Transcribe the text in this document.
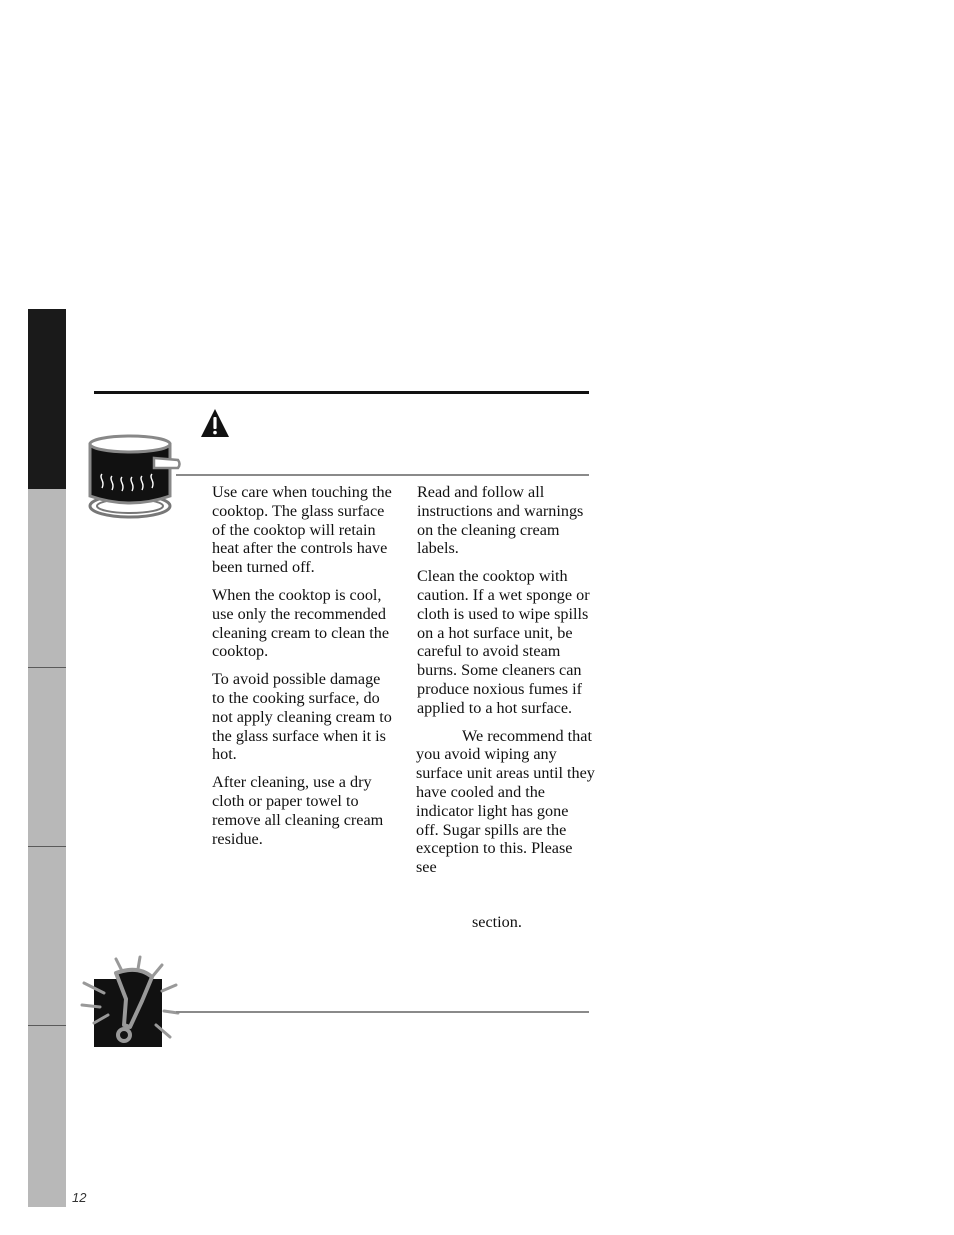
Use care when touching the cooktop. The glass surface of the cooktop will retain heat after the controls have been turned off.

When the cooktop is cool, use only the recommended cleaning cream to clean the cooktop.

To avoid possible damage to the cooking surface, do not apply cleaning cream to the glass surface when it is hot.

After cleaning, use a dry cloth or paper towel to remove all cleaning cream residue.

Read and follow all instructions and warnings on the cleaning cream labels.

Clean the cooktop with caution. If a wet sponge or cloth is used to wipe spills on a hot surface unit, be careful to avoid steam burns. Some cleaners can produce noxious fumes if applied to a hot surface.

We recommend that you avoid wiping any surface unit areas until they have cooled and the indicator light has gone off. Sugar spills are the exception to this. Please see

section.
12
